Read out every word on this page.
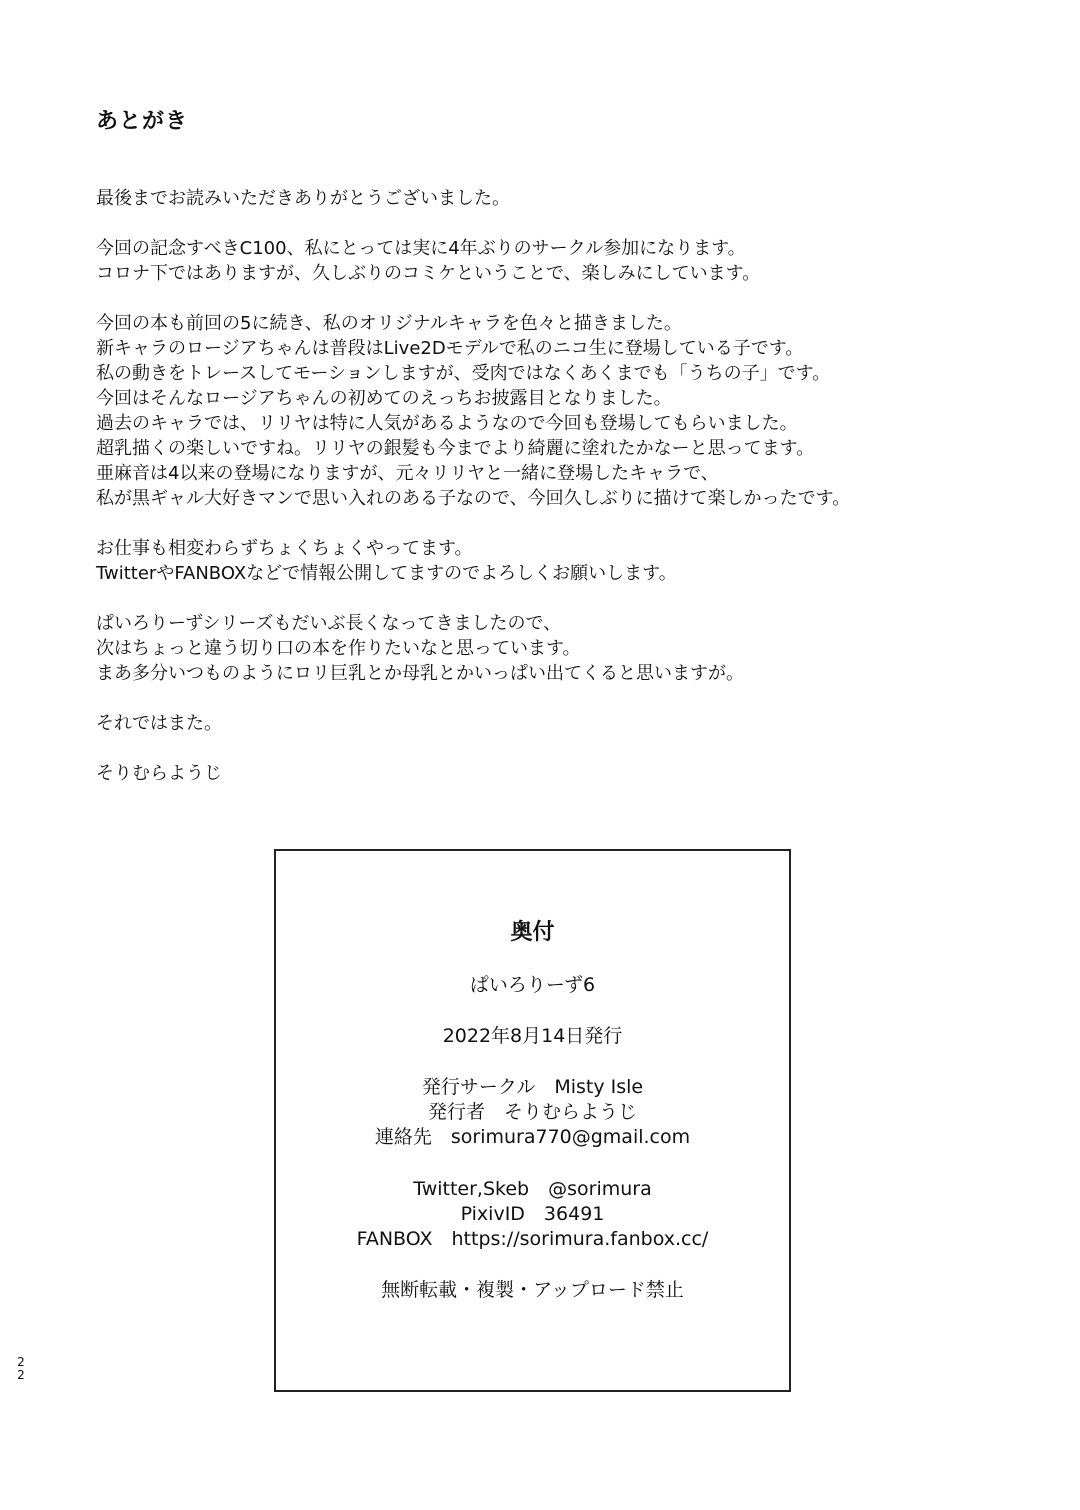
あとがき
最後までお読みいただきありがとうございました。
今回の記念すべきC100、私にとっては実に4年ぶりのサークル参加になります。
コロナ下ではありますが、久しぶりのコミケということで、楽しみにしています。
今回の本も前回の5に続き、私のオリジナルキャラを色々と描きました。
新キャラのロージアちゃんは普段はLive2Dモデルで私のニコ生に登場している子です。
私の動きをトレースしてモーションしますが、受肉ではなくあくまでも「うちの子」です。
今回はそんなロージアちゃんの初めてのえっちお披露目となりました。
過去のキャラでは、リリヤは特に人気があるようなので今回も登場してもらいました。
超乳描くの楽しいですね。リリヤの銀髪も今までより綺麗に塗れたかなーと思ってます。
亜麻音は4以来の登場になりますが、元々リリヤと一緒に登場したキャラで、
私が黒ギャル大好きマンで思い入れのある子なので、今回久しぶりに描けて楽しかったです。
お仕事も相変わらずちょくちょくやってます。
TwitterやFANBOXなどで情報公開してますのでよろしくお願いします。
ぱいろりーずシリーズもだいぶ長くなってきましたので、
次はちょっと違う切り口の本を作りたいなと思っています。
まあ多分いつものようにロリ巨乳とか母乳とかいっぱい出てくると思いますが。
それではまた。
そりむらようじ
奥付
ぱいろりーず6
2022年8月14日発行
発行サークル　Misty Isle
発行者　そりむらようじ
連絡先　sorimura770@gmail.com
Twitter,Skeb　@sorimura
PixivID　36491
FANBOX　https://sorimura.fanbox.cc/
無断転載・複製・アップロード禁止
2
2
